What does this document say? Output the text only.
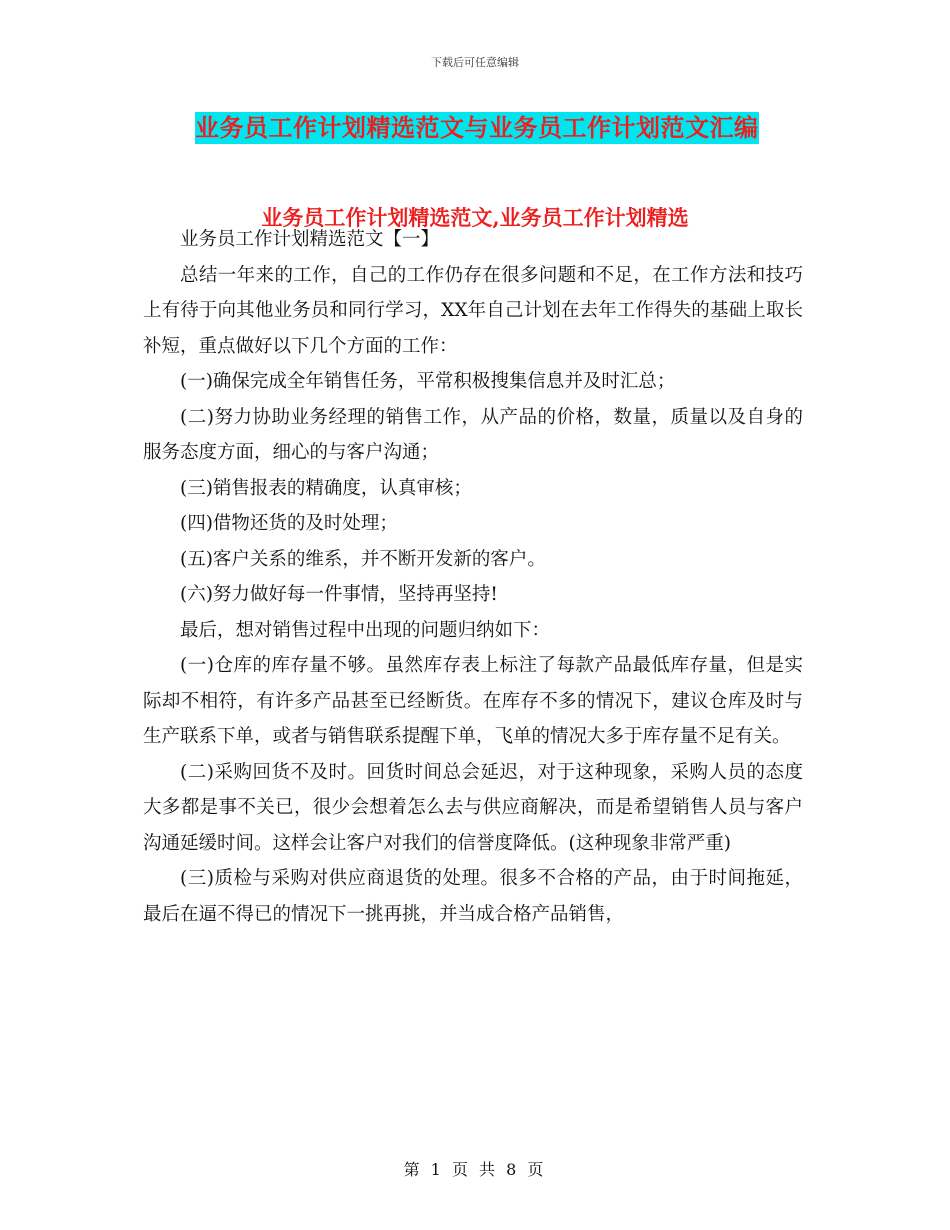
下载后可任意编辑
业务员工作计划精选范文与业务员工作计划范文汇编
业务员工作计划精选范文,业务员工作计划精选

业务员工作计划精选范文【一】

总结一年来的工作，自己的工作仍存在很多问题和不足，在工作方法和技巧上有待于向其他业务员和同行学习，XX年自己计划在去年工作得失的基础上取长补短，重点做好以下几个方面的工作：

(一)确保完成全年销售任务，平常积极搜集信息并及时汇总；

(二)努力协助业务经理的销售工作，从产品的价格，数量，质量以及自身的服务态度方面，细心的与客户沟通；

(三)销售报表的精确度，认真审核；

(四)借物还货的及时处理；

(五)客户关系的维系，并不断开发新的客户。

(六)努力做好每一件事情，坚持再坚持!

最后，想对销售过程中出现的问题归纳如下：

(一)仓库的库存量不够。虽然库存表上标注了每款产品最低库存量，但是实际却不相符，有许多产品甚至已经断货。在库存不多的情况下，建议仓库及时与生产联系下单，或者与销售联系提醒下单，飞单的情况大多于库存量不足有关。

(二)采购回货不及时。回货时间总会延迟，对于这种现象，采购人员的态度大多都是事不关已，很少会想着怎么去与供应商解决，而是希望销售人员与客户沟通延缓时间。这样会让客户对我们的信誉度降低。(这种现象非常严重)

(三)质检与采购对供应商退货的处理。很多不合格的产品，由于时间拖延，最后在逼不得已的情况下一挑再挑，并当成合格产品销售，

第 1 页 共 8 页
